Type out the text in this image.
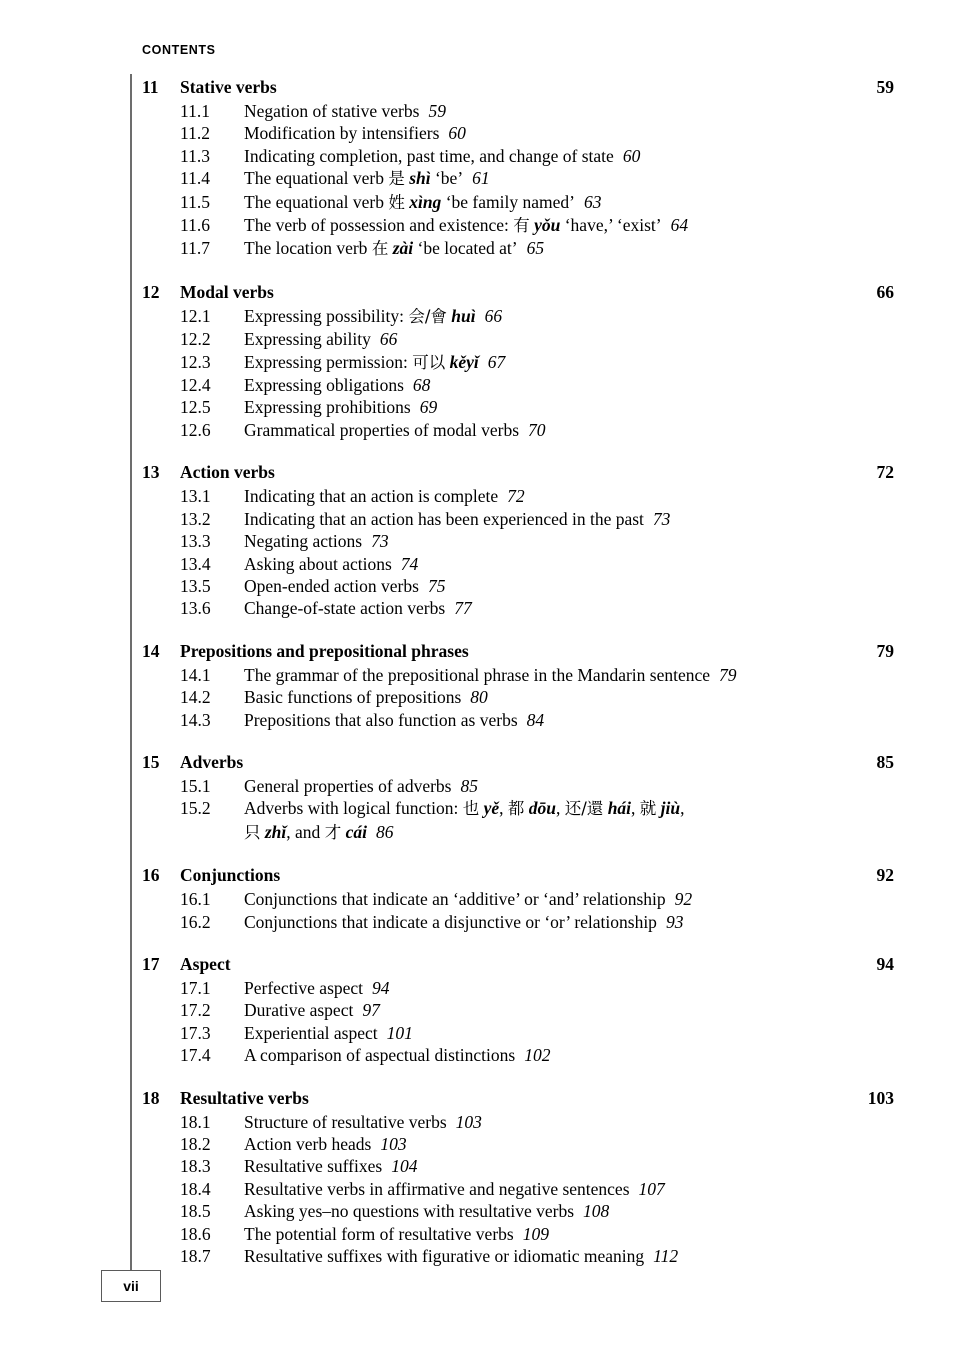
CONTENTS
11	Stative verbs	59
11.1	Negation of stative verbs 59
11.2	Modification by intensifiers 60
11.3	Indicating completion, past time, and change of state 60
11.4	The equational verb 是 shì ‘be’ 61
11.5	The equational verb 姓 xìng ‘be family named’ 63
11.6	The verb of possession and existence: 有 yǒu ‘have,’ ‘exist’ 64
11.7	The location verb 在 zài ‘be located at’ 65
12	Modal verbs	66
12.1	Expressing possibility: 会/會 huì 66
12.2	Expressing ability 66
12.3	Expressing permission: 可以 kěyǐ 67
12.4	Expressing obligations 68
12.5	Expressing prohibitions 69
12.6	Grammatical properties of modal verbs 70
13	Action verbs	72
13.1	Indicating that an action is complete 72
13.2	Indicating that an action has been experienced in the past 73
13.3	Negating actions 73
13.4	Asking about actions 74
13.5	Open-ended action verbs 75
13.6	Change-of-state action verbs 77
14	Prepositions and prepositional phrases	79
14.1	The grammar of the prepositional phrase in the Mandarin sentence 79
14.2	Basic functions of prepositions 80
14.3	Prepositions that also function as verbs 84
15	Adverbs	85
15.1	General properties of adverbs 85
15.2	Adverbs with logical function: 也 yě, 都 dōu, 还/還 hái, 就 jiù,
只 zhǐ, and 才 cái 86
16	Conjunctions	92
16.1	Conjunctions that indicate an ‘additive’ or ‘and’ relationship 92
16.2	Conjunctions that indicate a disjunctive or ‘or’ relationship 93
17	Aspect	94
17.1	Perfective aspect 94
17.2	Durative aspect 97
17.3	Experiential aspect 101
17.4	A comparison of aspectual distinctions 102
18	Resultative verbs	103
18.1	Structure of resultative verbs 103
18.2	Action verb heads 103
18.3	Resultative suffixes 104
18.4	Resultative verbs in affirmative and negative sentences 107
18.5	Asking yes–no questions with resultative verbs 108
18.6	The potential form of resultative verbs 109
18.7	Resultative suffixes with figurative or idiomatic meaning 112
vii
